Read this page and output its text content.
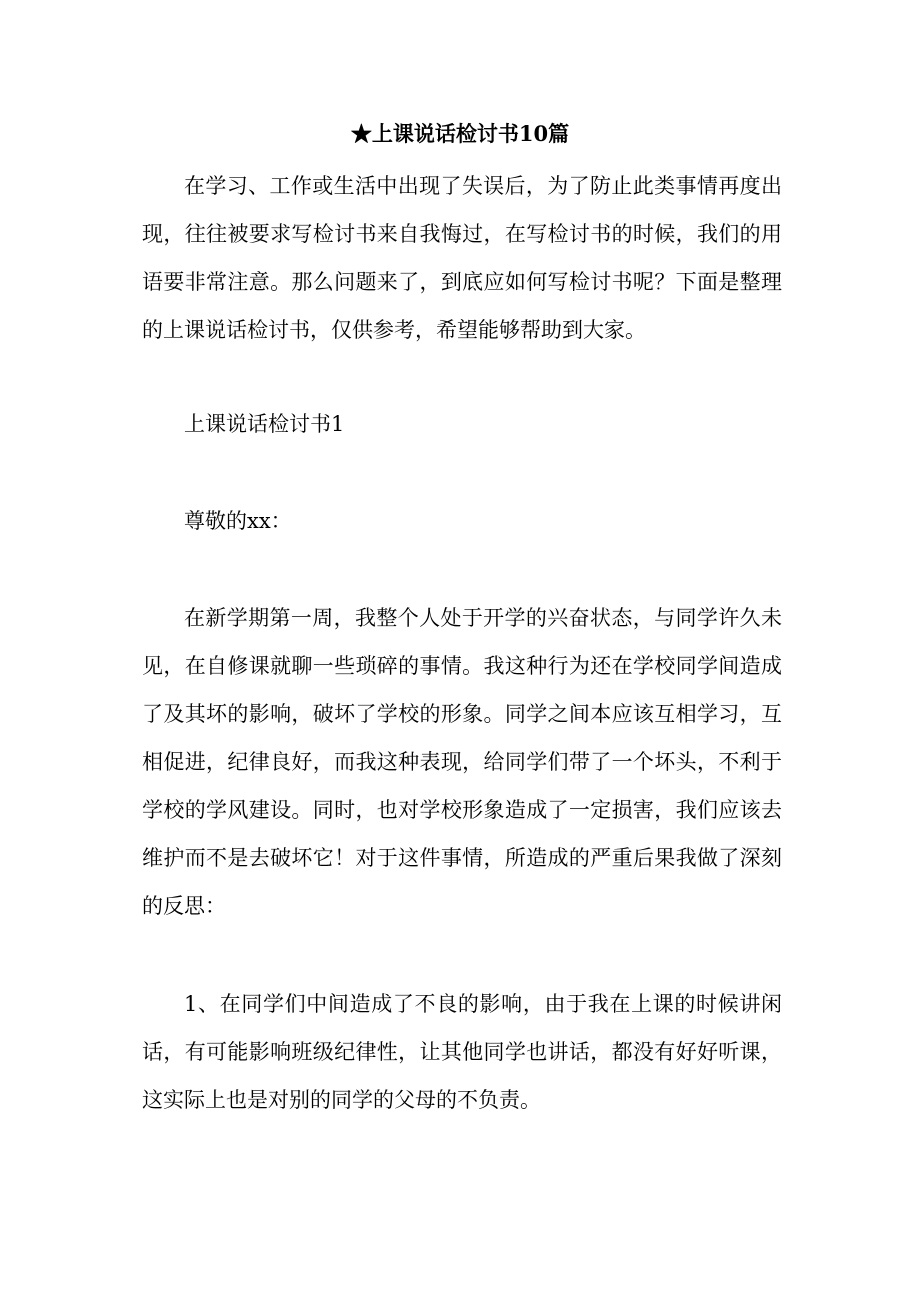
★上课说话检讨书10篇

在学习、工作或生活中出现了失误后，为了防止此类事情再度出现，往往被要求写检讨书来自我悔过，在写检讨书的时候，我们的用语要非常注意。那么问题来了，到底应如何写检讨书呢？下面是整理的上课说话检讨书，仅供参考，希望能够帮助到大家。

上课说话检讨书1

尊敬的xx：

在新学期第一周，我整个人处于开学的兴奋状态，与同学许久未见，在自修课就聊一些琐碎的事情。我这种行为还在学校同学间造成了及其坏的影响，破坏了学校的形象。同学之间本应该互相学习，互相促进，纪律良好，而我这种表现，给同学们带了一个坏头，不利于学校的学风建设。同时，也对学校形象造成了一定损害，我们应该去维护而不是去破坏它！对于这件事情，所造成的严重后果我做了深刻的反思：

1、在同学们中间造成了不良的影响，由于我在上课的时候讲闲话，有可能影响班级纪律性，让其他同学也讲话，都没有好好听课，这实际上也是对别的同学的父母的不负责。
